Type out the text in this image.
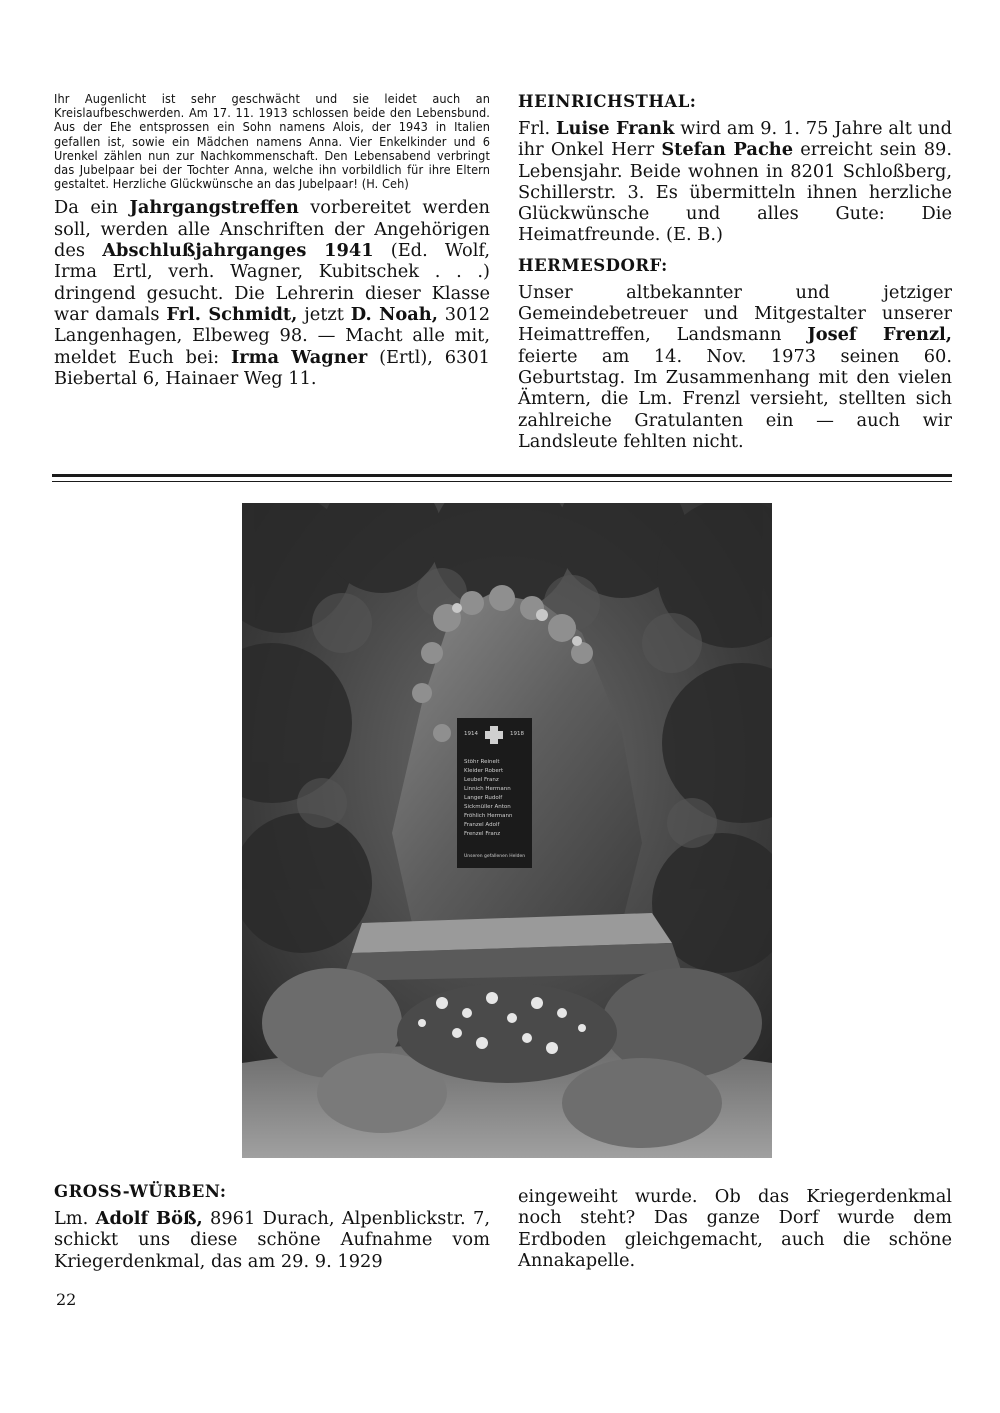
Ihr Augenlicht ist sehr geschwächt und sie leidet auch an Kreislaufbeschwerden. Am 17. 11. 1913 schlossen beide den Lebensbund. Aus der Ehe entsprossen ein Sohn namens Alois, der 1943 in Italien gefallen ist, sowie ein Mädchen namens Anna. Vier Enkelkinder und 6 Urenkel zählen nun zur Nachkommenschaft. Den Lebensabend verbringt das Jubelpaar bei der Tochter Anna, welche ihn vorbildlich für ihre Eltern gestaltet. Herzliche Glückwünsche an das Jubelpaar! (H. Ceh)

Da ein Jahrgangstreffen vorbereitet werden soll, werden alle Anschriften der Angehörigen des Abschlußjahrganges 1941 (Ed. Wolf, Irma Ertl, verh. Wagner, Kubitschek . . .) dringend gesucht. Die Lehrerin dieser Klasse war damals Frl. Schmidt, jetzt D. Noah, 3012 Langenhagen, Elbeweg 98. — Macht alle mit, meldet Euch bei: Irma Wagner (Ertl), 6301 Biebertal 6, Hainaer Weg 11.

HEINRICHSTHAL:

Frl. Luise Frank wird am 9. 1. 75 Jahre alt und ihr Onkel Herr Stefan Pache erreicht sein 89. Lebensjahr. Beide wohnen in 8201 Schloßberg, Schillerstr. 3. Es übermitteln ihnen herzliche Glückwünsche und alles Gute: Die Heimatfreunde. (E. B.)

HERMESDORF:

Unser altbekannter und jetziger Gemeindebetreuer und Mitgestalter unserer Heimattreffen, Landsmann Josef Frenzl, feierte am 14. Nov. 1973 seinen 60. Geburtstag. Im Zusammenhang mit den vielen Ämtern, die Lm. Frenzl versieht, stellten sich zahlreiche Gratulanten ein — auch wir Landsleute fehlten nicht.

1914	1918
Stöhr Reinelt
Kleider Robert
Leubel Franz
Linnich Hermann
Langer Rudolf
Sickmüller Anton
Fröhlich Hermann
Franzel Adolf
Frenzel Franz
Unseren gefallenen Helden
GROSS-WÜRBEN:

Lm. Adolf Böß, 8961 Durach, Alpenblickstr. 7, schickt uns diese schöne Aufnahme vom Kriegerdenkmal, das am 29. 9. 1929

eingeweiht wurde. Ob das Kriegerdenkmal noch steht? Das ganze Dorf wurde dem Erdboden gleichgemacht, auch die schöne Annakapelle.

22
